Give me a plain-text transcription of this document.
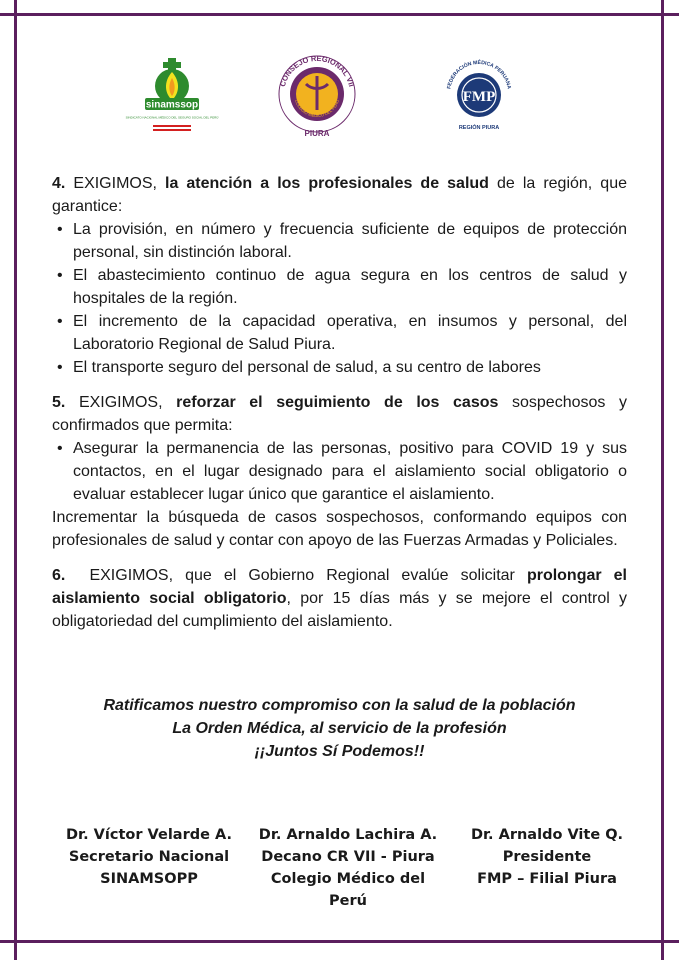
sinamssop
SINDICATO NACIONAL MÉDICO DEL SEGURO SOCIAL DEL PERÚ
CONSEJO REGIONAL VII
COLEGIO MÉDICO DEL PERÚ
PIURA
FEDERACIÓN MÉDICA PERUANA
FMP
REGIÓN PIURA

4. EXIGIMOS, la atención a los profesionales de salud de la región, que garantice:

• La provisión, en número y frecuencia suficiente de equipos de protección personal, sin distinción laboral.
• El abastecimiento continuo de agua segura en los centros de salud y hospitales de la región.
• El incremento de la capacidad operativa, en insumos y personal, del Laboratorio Regional de Salud Piura.
• El transporte seguro del personal de salud, a su centro de labores

5. EXIGIMOS, reforzar el seguimiento de los casos sospechosos y confirmados que permita:

• Asegurar la permanencia de las personas, positivo para COVID 19 y sus contactos, en el lugar designado para el aislamiento social obligatorio o evaluar establecer lugar único que garantice el aislamiento.

Incrementar la búsqueda de casos sospechosos, conformando equipos con profesionales de salud y contar con apoyo de las Fuerzas Armadas y Policiales.

6.  EXIGIMOS, que el Gobierno Regional evalúe solicitar prolongar el aislamiento social obligatorio, por 15 días más y se mejore el control y obligatoriedad del cumplimiento del aislamiento.

Ratificamos nuestro compromiso con la salud de la población
La Orden Médica, al servicio de la profesión
¡¡Juntos Sí Podemos!!
Dr. Víctor Velarde A.
Secretario Nacional
SINAMSOPP
Dr. Arnaldo Lachira A.
Decano CR VII - Piura
Colegio Médico del Perú
Dr. Arnaldo Vite Q.
Presidente
FMP – Filial Piura
